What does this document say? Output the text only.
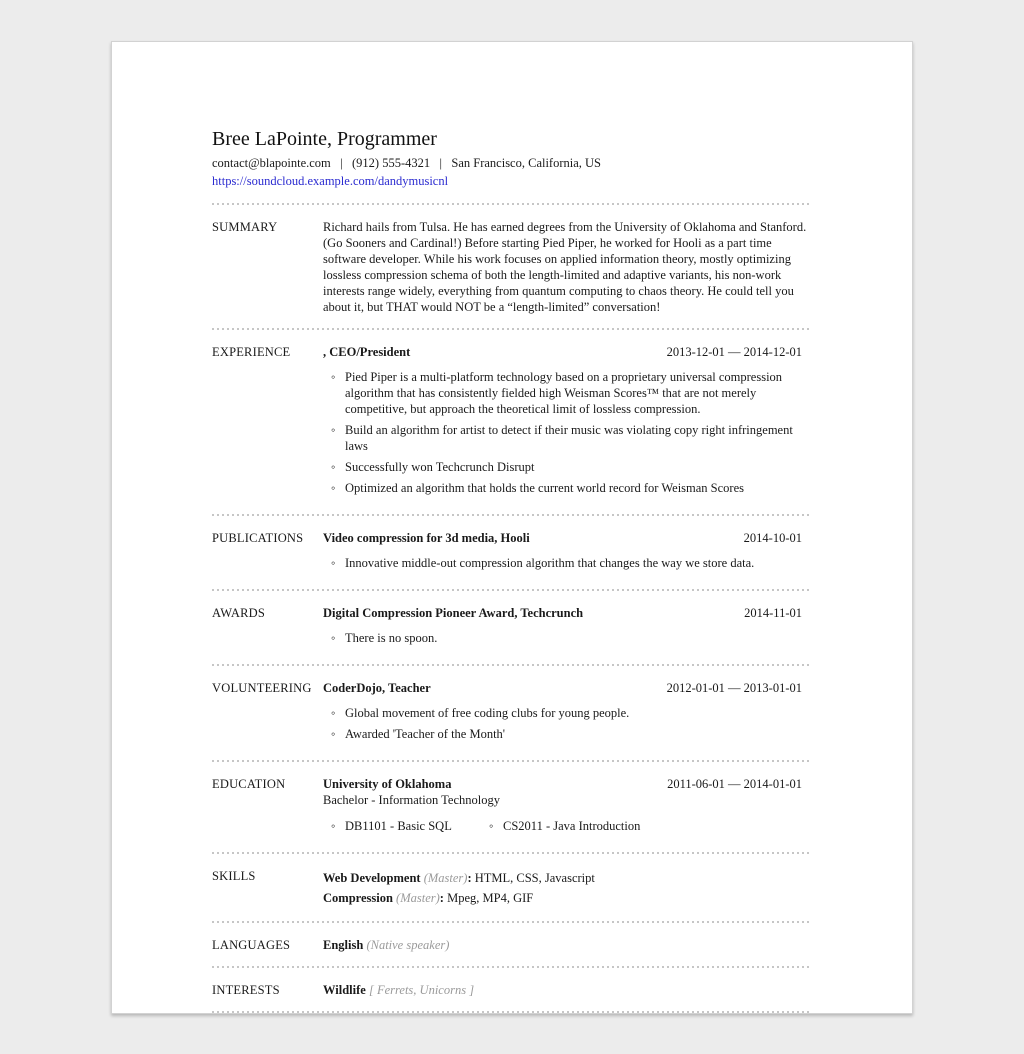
Bree LaPointe, Programmer
contact@blapointe.com   |   (912) 555-4321   |   San Francisco, California, US
https://soundcloud.example.com/dandymusicnl
SUMMARY	Richard hails from Tulsa. He has earned degrees from the University of Oklahoma and Stanford. (Go Sooners and Cardinal!) Before starting Pied Piper, he worked for Hooli as a part time software developer. While his work focuses on applied information theory, mostly optimizing lossless compression schema of both the length-limited and adaptive variants, his non-work interests range widely, everything from quantum computing to chaos theory. He could tell you about it, but THAT would NOT be a “length-limited” conversation!

EXPERIENCE	, CEO/President	2013-12-01 — 2014-12-01
◦ Pied Piper is a multi-platform technology based on a proprietary universal compression algorithm that has consistently fielded high Weisman Scores™ that are not merely competitive, but approach the theoretical limit of lossless compression.
◦ Build an algorithm for artist to detect if their music was violating copy right infringement laws
◦ Successfully won Techcrunch Disrupt
◦ Optimized an algorithm that holds the current world record for Weisman Scores
PUBLICATIONS	Video compression for 3d media, Hooli	2014-10-01
◦ Innovative middle-out compression algorithm that changes the way we store data.
AWARDS	Digital Compression Pioneer Award, Techcrunch	2014-11-01
◦ There is no spoon.
VOLUNTEERING CoderDojo, Teacher	2012-01-01 — 2013-01-01
◦ Global movement of free coding clubs for young people.
◦ Awarded 'Teacher of the Month'
EDUCATION	University of Oklahoma	2011-06-01 — 2014-01-01

Bachelor - Information Technology

◦ DB1101 - Basic SQL	◦ CS2011 - Java Introduction
SKILLS	Web Development (Master): HTML, CSS, Javascript
Compression (Master): Mpeg, MP4, GIF
LANGUAGES	English (Native speaker)
INTERESTS	Wildlife [ Ferrets, Unicorns ]
